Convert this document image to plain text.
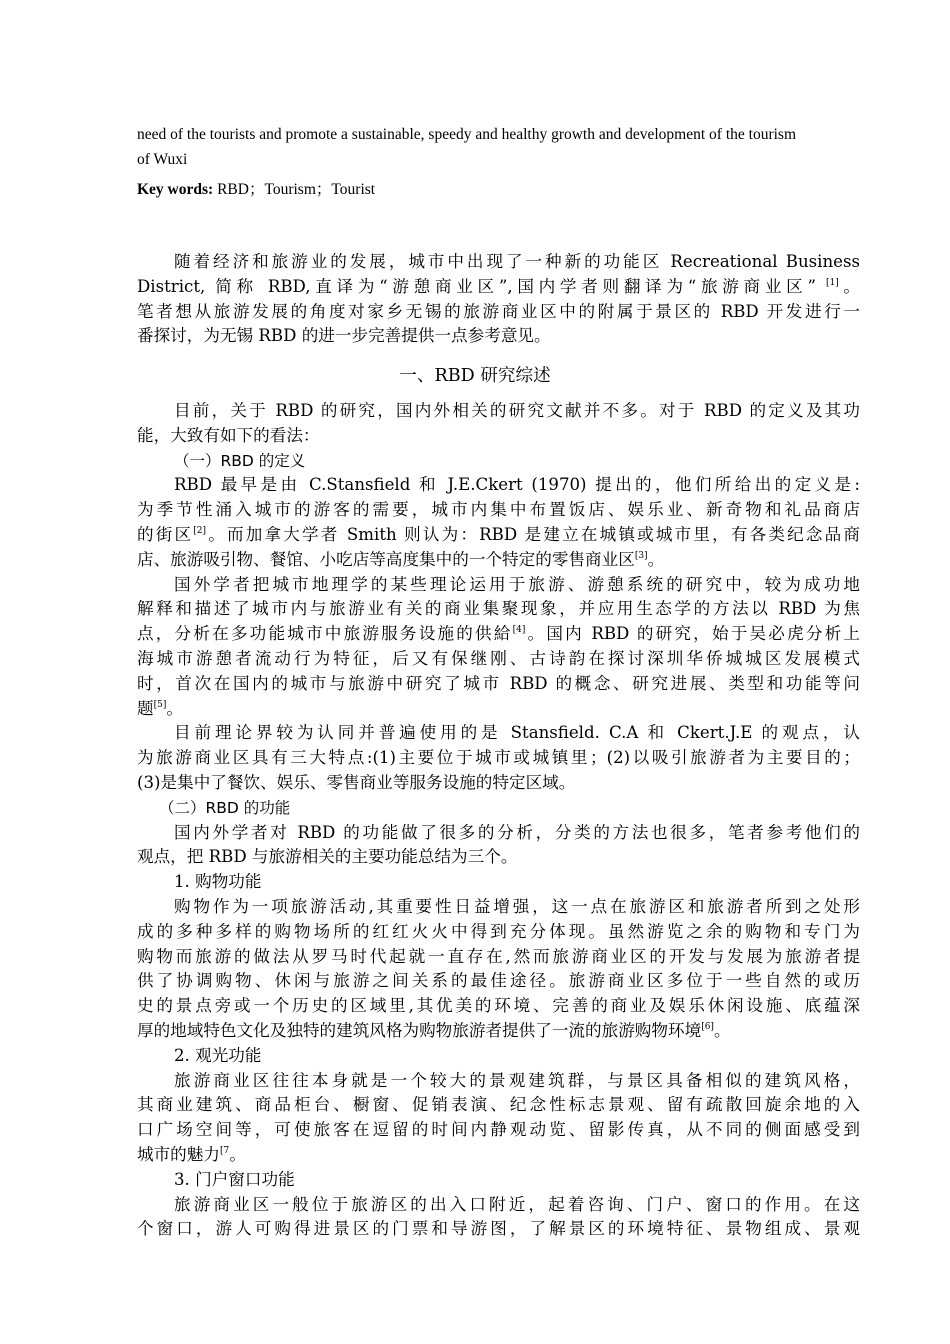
need of the tourists and promote a sustainable, speedy and healthy growth and development of the tourism
of Wuxi
Key words: RBD；Tourism；Tourist
随着经济和旅游业的发展，城市中出现了一种新的功能区 Recreational Business
District, 简称 RBD,直译为“游憩商业区”,国内学者则翻译为“旅游商业区” [1]。
笔者想从旅游发展的角度对家乡无锡的旅游商业区中的附属于景区的 RBD 开发进行一
番探讨，为无锡 RBD 的进一步完善提供一点参考意见。
一、RBD 研究综述
目前，关于 RBD 的研究，国内外相关的研究文献并不多。对于 RBD 的定义及其功
能，大致有如下的看法：
（一）RBD 的定义
RBD 最早是由 C.Stansfield 和 J.E.Ckert (1970) 提出的，他们所给出的定义是:
为季节性涌入城市的游客的需要，城市内集中布置饭店、娱乐业、新奇物和礼品商店
的街区[2]。而加拿大学者 Smith 则认为：RBD 是建立在城镇或城市里，有各类纪念品商
店、旅游吸引物、餐馆、小吃店等高度集中的一个特定的零售商业区[3]。
国外学者把城市地理学的某些理论运用于旅游、游憩系统的研究中，较为成功地
解释和描述了城市内与旅游业有关的商业集聚现象，并应用生态学的方法以 RBD 为焦
点，分析在多功能城市中旅游服务设施的供給[4]。国内 RBD 的研究，始于吴必虎分析上
海城市游憩者流动行为特征，后又有保继刚、古诗韵在探讨深圳华侨城城区发展模式
时，首次在国内的城市与旅游中研究了城市 RBD 的概念、研究进展、类型和功能等问
题[5]。
目前理论界较为认同并普遍使用的是 Stansfield. C.A 和 Ckert.J.E 的观点，认
为旅游商业区具有三大特点:(1)主要位于城市或城镇里；(2)以吸引旅游者为主要目的；
(3)是集中了餐饮、娱乐、零售商业等服务设施的特定区域。
（二）RBD 的功能
国内外学者对 RBD 的功能做了很多的分析，分类的方法也很多，笔者参考他们的
观点，把 RBD 与旅游相关的主要功能总结为三个。
1. 购物功能
购物作为一项旅游活动,其重要性日益增强，这一点在旅游区和旅游者所到之处形
成的多种多样的购物场所的红红火火中得到充分体现。虽然游览之余的购物和专门为
购物而旅游的做法从罗马时代起就一直存在,然而旅游商业区的开发与发展为旅游者提
供了协调购物、休闲与旅游之间关系的最佳途径。旅游商业区多位于一些自然的或历
史的景点旁或一个历史的区域里,其优美的环境、完善的商业及娱乐休闲设施、底蕴深
厚的地域特色文化及独特的建筑风格为购物旅游者提供了一流的旅游购物环境[6]。
2. 观光功能
旅游商业区往往本身就是一个较大的景观建筑群，与景区具备相似的建筑风格，
其商业建筑、商品柜台、橱窗、促销表演、纪念性标志景观、留有疏散回旋余地的入
口广场空间等，可使旅客在逗留的时间内静观动览、留影传真，从不同的侧面感受到
城市的魅力$^{[7}$。
3. 门户窗口功能
旅游商业区一般位于旅游区的出入口附近，起着咨询、门户、窗口的作用。在这
个窗口，游人可购得进景区的门票和导游图，了解景区的环境特征、景物组成、景观
